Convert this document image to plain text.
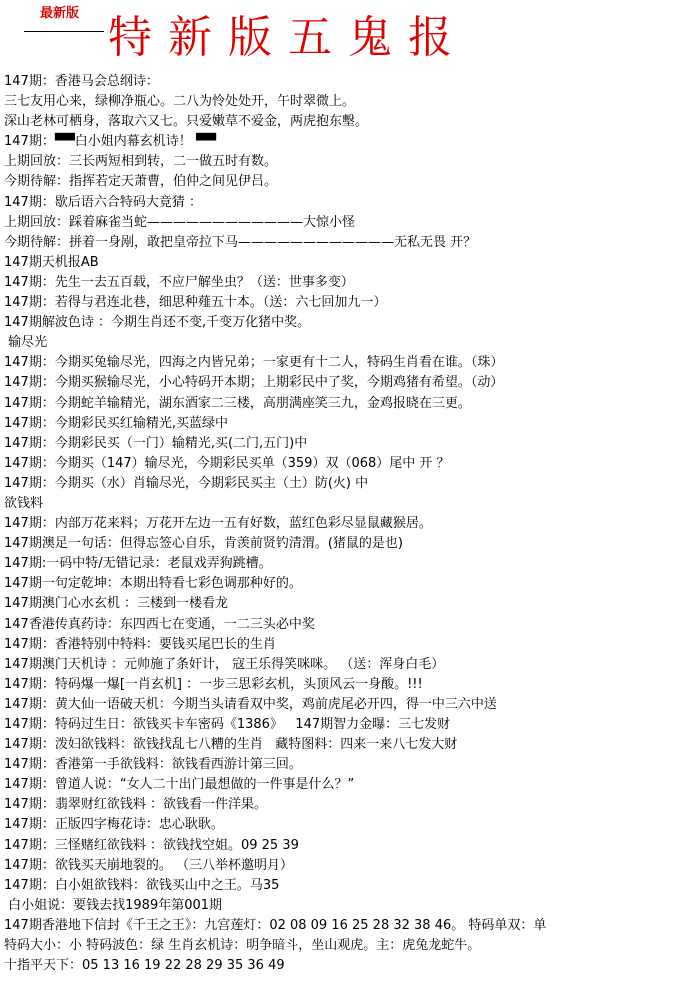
最新版 特新版五鬼报
147期：香港马会总纲诗：
三七友用心来，绿柳净瓶心。二八为怜处处开，午时翠微上。
深山老林可栖身，落取六又七。只爱嫩草不爱金，两虎抱东墼。
147期：▀▀白小姐内幕玄机诗！ ▀▀
上期回放：三长两短相到转，二一做五时有数。
今期待解：指挥若定天萧曹，伯仲之间见伊吕。
147期：歇后语六合特码大竟猜 ：
上期回放：踩着麻雀当蛇————————————大惊小怪
今期待解：拼着一身剐，敢把皇帝拉下马————————————无私无畏 开？
147期天机报AB
147期：先生一去五百载，不应尸解坐虫？（送：世事多变）
147期：若得与君连北巷，细思种薤五十本。（送：六七回加九一）
147期解波色诗 ：今期生肖还不变,千变万化猪中奖。
输尽光
147期：今期买兔输尽光，四海之内皆兄弟；一家更有十二人，特码生肖看在谁。（珠）
147期：今期买猴输尽光，小心特码开本期；上期彩民中了奖，今期鸡猪有希望。（动）
147期：今期蛇羊输精光，湖东酒家二三楼，高朋满座笑三九，金鸡报晓在三更。
147期：今期彩民买红输精光,买蓝绿中
147期：今期彩民买（一门）输精光,买(二门,五门)中
147期：今期买（147）输尽光，今期彩民买单（359）双（068）尾中 开 ？
147期：今期买（水）肖输尽光，今期彩民买主（土）防(火) 中
欲钱料
147期：内部万花来料；万花开左边一五有好数，蓝红色彩尽显鼠藏猴居。
147期澳足一句话：但得忘签心自乐，肯羡前贤钓清渭。(猪鼠的是也)
147期:一码中特/无错记录：老鼠戏弄狗跳槽。
147期一句定乾坤：本期出特看七彩色调那种好的。
147期澳门心水玄机 ：三楼到一楼看龙
147香港传真药诗：东四西七在变通，一二三头必中奖
147期：香港特别中特料：要钱买尾巴长的生肖
147期澳门天机诗 ：元帅施了条奸计， 寇王乐得笑咪咪。 （送：浑身白毛）
147期：特码爆一爆[一肖玄机] ：一步三思彩玄机，头顶风云一身酸。!!!
147期：黄大仙一语破天机：今期当头请看双中奖，鸡前虎尾必开四，得一中三六中送
147期：特码过生日：欲钱买卡车密码《1386》   147期智力金曝：三七发财
147期：泼妇欲钱料：欲钱找乱七八糟的生肖   藏特图料：四来一来八七发大财
147期：香港第一手欲钱料：欲钱看西游计第三回。
147期：曾道人说：“女人二十出门最想做的一件事是什么？”
147期：翡翠财红欲钱料 ：欲钱看一件洋果。
147期：正版四字梅花诗：忠心耿耿。
147期：三怪赌红欲钱料 ：欲钱找空姐。09 25 39
147期：欲钱买天崩地裂的。 （三八举杯邀明月）
147期：白小姐欲钱料：欲钱买山中之王。马35
白小姐说：要钱去找1989年第001期
147期香港地下信封《千王之王》：九宫莲灯：02 08 09 16 25 28 32 38 46。 特码单双：单
特码大小：小 特码波色：绿 生肖玄机诗：明争暗斗，坐山观虎。主：虎兔龙蛇牛。
十指平天下：05 13 16 19 22 28 29 35 36 49
